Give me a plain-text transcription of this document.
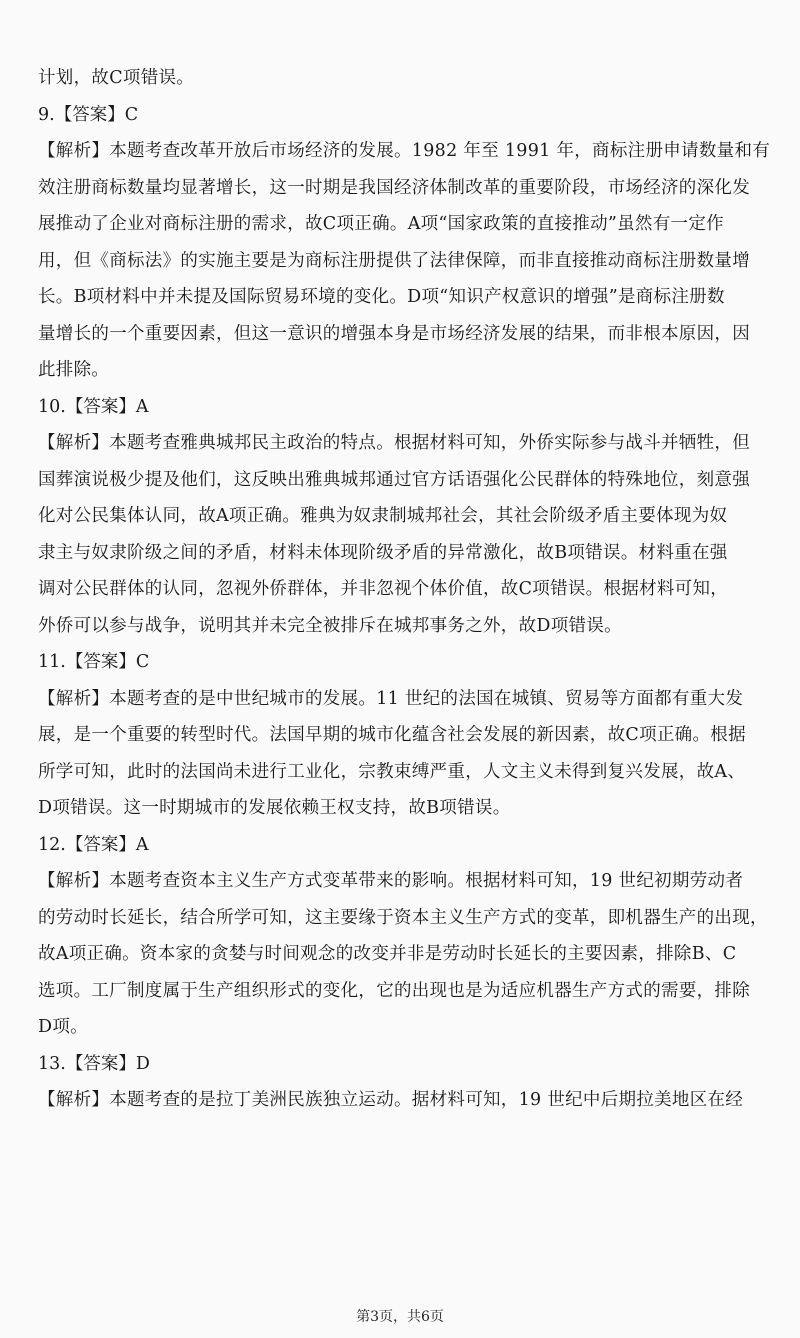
计划，故C项错误。
9.【答案】C
【解析】本题考查改革开放后市场经济的发展。1982 年至 1991 年，商标注册申请数量和有
效注册商标数量均显著增长，这一时期是我国经济体制改革的重要阶段，市场经济的深化发
展推动了企业对商标注册的需求，故C项正确。A项“国家政策的直接推动”虽然有一定作
用，但《商标法》的实施主要是为商标注册提供了法律保障，而非直接推动商标注册数量增
长。B项材料中并未提及国际贸易环境的变化。D项“知识产权意识的增强”是商标注册数
量增长的一个重要因素，但这一意识的增强本身是市场经济发展的结果，而非根本原因，因
此排除。
10.【答案】A
【解析】本题考查雅典城邦民主政治的特点。根据材料可知，外侨实际参与战斗并牺牲，但
国葬演说极少提及他们，这反映出雅典城邦通过官方话语强化公民群体的特殊地位，刻意强
化对公民集体认同，故A项正确。雅典为奴隶制城邦社会，其社会阶级矛盾主要体现为奴
隶主与奴隶阶级之间的矛盾，材料未体现阶级矛盾的异常激化，故B项错误。材料重在强
调对公民群体的认同，忽视外侨群体，并非忽视个体价值，故C项错误。根据材料可知，
外侨可以参与战争，说明其并未完全被排斥在城邦事务之外，故D项错误。
11.【答案】C
【解析】本题考查的是中世纪城市的发展。11 世纪的法国在城镇、贸易等方面都有重大发
展，是一个重要的转型时代。法国早期的城市化蕴含社会发展的新因素，故C项正确。根据
所学可知，此时的法国尚未进行工业化，宗教束缚严重，人文主义未得到复兴发展，故A、
D项错误。这一时期城市的发展依赖王权支持，故B项错误。
12.【答案】A
【解析】本题考查资本主义生产方式变革带来的影响。根据材料可知，19 世纪初期劳动者
的劳动时长延长，结合所学可知，这主要缘于资本主义生产方式的变革，即机器生产的出现，
故A项正确。资本家的贪婪与时间观念的改变并非是劳动时长延长的主要因素，排除B、C
选项。工厂制度属于生产组织形式的变化，它的出现也是为适应机器生产方式的需要，排除
D项。
13.【答案】D
【解析】本题考查的是拉丁美洲民族独立运动。据材料可知，19 世纪中后期拉美地区在经
第3页，共6页
